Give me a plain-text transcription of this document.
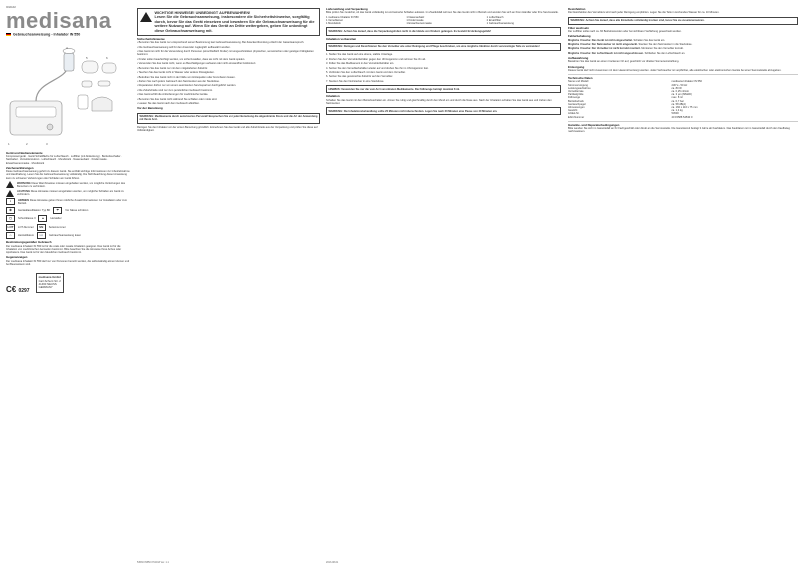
54530
medisana
Gebrauchsanweisung - Inhalator IN 550
1	2	3
4
5	6
Gerät und Bedienelemente
Kompressorgerät · Gerät Schaltfläche für Luftschlauch · Luftfilter (mit Abdeckung) · Betriebsschalter · Netzkabel · Verneblerstutzen · Luftschlauch · Mundstück · Nasenaufsatz · Kindermaske · Erwachsenenmaske · Mundstück
Zeichenerklärungen
Diese Gebrauchsanweisung gehört zu diesem Gerät. Sie enthält wichtige Informationen zur Inbetriebnahme und Handhabung. Lesen Sie die Gebrauchsanweisung vollständig. Die Nichtbeachtung dieser Anweisung kann zu schweren Verletzungen oder Schäden am Gerät führen.
WARNUNG Diese Warnhinweise müssen eingehalten werden, um mögliche Verletzungen des Benutzers zu verhindern.
ACHTUNG Diese Hinweise müssen eingehalten werden, um mögliche Schäden am Gerät zu verhindern.
i	HINWEIS Diese Hinweise geben Ihnen nützliche Zusatzinformationen zur Installation oder zum Betrieb.
✱	Geräteklassifikation: Typ BF	☂	Vor Nässe schützen
◻	Schutzklasse II	▲	Hersteller
LOT	LOT-Nummer	SN	Seriennummer
⌂	Herstelldatum	📖	Gebrauchsanweisung lesen
Bestimmungsgemäßer Gebrauch
Der medisana Inhalator IN 550 ist für die orale oder nasale Inhalation geeignet. Das Gerät ist für die Inhalation von medizinischen Aerosolen bestimmt. Bitte beachten Sie die Hinweise Ihres Arztes oder Apothekers. Das Gerät ist für den häuslichen Gebrauch bestimmt.
Gegenanzeigen
Der medisana Inhalator IN 550 darf nur von Personen benutzt werden, die selbstständig atmen können und bei Bewusstsein sind.
C€ 0297
medisana GmbH
Carl-Schurz-Str. 2
41460 NEUSS
GERMANY
WICHTIGE HINWEISE! UNBEDINGT AUFBEWAHREN!
Lesen Sie die Gebrauchsanweisung, insbesondere die Sicherheitshinweise, sorgfältig durch, bevor Sie das Gerät einsetzen und bewahren Sie die Gebrauchsanweisung für die weitere Nutzung auf. Wenn Sie das Gerät an Dritte weitergeben, geben Sie unbedingt diese Gebrauchsanweisung mit.
Sicherheitshinweise
• Benutzen Sie das Gerät nur entsprechend seiner Bestimmung laut Gebrauchsanweisung. Bei Zweckentfremdung erlischt der Garantieanspruch.
• Die Gebrauchsanweisung soll für den Anwender zugänglich aufbewahrt werden.
• Das Gerät ist nicht für die Verwendung durch Personen (einschließlich Kinder) mit eingeschränkten physischen, sensorischen oder geistigen Fähigkeiten bestimmt.
• Kinder sollen beaufsichtigt werden, um sicherzustellen, dass sie nicht mit dem Gerät spielen.
• Verwenden Sie das Gerät nicht, wenn es Beschädigungen aufweist oder nicht einwandfrei funktioniert.
• Benutzen Sie das Gerät nur mit dem mitgelieferten Zubehör.
• Tauchen Sie das Gerät nicht in Wasser oder andere Flüssigkeiten.
• Betreiben Sie das Gerät nicht in der Nähe von Hitzequellen oder brennbaren Gasen.
• Ziehen Sie nach jedem Gebrauch den Netzstecker aus der Steckdose.
• Reparaturen dürfen nur von einem autorisierten Servicepartner durchgeführt werden.
• Die Zubehörteile sind nur zum persönlichen Gebrauch bestimmt.
• Das Gerät erfüllt die Anforderungen für medizinische Geräte.
• Benutzen Sie das Gerät nicht während Sie schlafen oder müde sind.
• Lassen Sie das Gerät nach dem Gebrauch abkühlen.
Vor der Benutzung
WARNUNG: Medikamente durch autorisiertes Personal! Besprechen Sie vor jeder Benutzung die abgestimmte Dosis und die Art der Anwendung mit Ihrem Arzt.
Reinigen Sie den Inhalator vor der ersten Benutzung gründlich. Entnehmen Sie das Gerät und alle Zubehörteile aus der Verpackung und prüfen Sie diese auf Vollständigkeit.
Lieferumfang und Verpackung
Bitte prüfen Sie zunächst, ob das Gerät vollständig ist und keinerlei Schäden aufweist. Im Zweifelsfall nehmen Sie das Gerät nicht in Betrieb und wenden Sie sich an Ihren Händler oder Ihre Servicestelle.
1 medisana Inhalator IN 550
1 Verneblerset
1 Mundstück
1 Nasenaufsatz
1 Kindermaske
1 Erwachsenenmaske
1 Luftschlauch
2 Ersatzfilter
1 Gebrauchsanweisung
WARNUNG: Achten Sie darauf, dass die Verpackungsfolien nicht in die Hände von Kindern gelangen. Es besteht Erstickungsgefahr!
Inhalation vorbereiten
WARNUNG: Reinigen und Desinfizieren Sie den Vernebler wie unter Reinigung und Pflege beschrieben, um eine mögliche Infektion durch verunreinigte Teile zu vermeiden!
1. Stellen Sie das Gerät auf eine ebene, stabile Unterlage.
2. Drehen Sie den Verneblerbehälter gegen den Uhrzeigersinn und nehmen Sie ihn ab.
3. Füllen Sie das Medikament in den Verneblerbehälter ein.
4. Setzen Sie den Verneblerbehälter wieder auf und drehen Sie ihn im Uhrzeigersinn fest.
5. Verbinden Sie den Luftschlauch mit dem Gerät und dem Vernebler.
6. Setzen Sie das gewünschte Zubehör auf den Vernebler.
7. Stecken Sie den Netzstecker in eine Steckdose.
HINWEIS: Verwenden Sie nur die vom Arzt verordneten Medikamente. Die Füllmenge beträgt maximal 8 ml.
Inhalation
Schalten Sie das Gerät mit dem Betriebsschalter ein. Atmen Sie ruhig und gleichmäßig durch den Mund ein und durch die Nase aus. Nach der Inhalation schalten Sie das Gerät aus und ziehen den Netzstecker.
WARNUNG: Die Inhalationsbehandlung sollte 20 Minuten nicht überschreiten. Legen Sie nach 20 Minuten eine Pause von 40 Minuten ein.
Desinfektion
Die Desinfektion des Verneblers wird nach jeder Reinigung empfohlen. Legen Sie die Teile in kochendes Wasser für ca. 10 Minuten.
WARNUNG: Achten Sie darauf, dass alle Einzelteile vollständig trocken sind, bevor Sie sie zusammensetzen.
Filter wechseln
Der Luftfilter sollte nach ca. 60 Betriebsstunden oder bei sichtbarer Verfärbung gewechselt werden.
Fehlerbehebung
Mögliche Ursache: Das Gerät ist nicht eingeschaltet. Schalten Sie das Gerät ein.
Mögliche Ursache: Der Netzstecker ist nicht eingesteckt. Stecken Sie den Netzstecker in die Steckdose.
Mögliche Ursache: Der Vernebler ist nicht korrekt montiert. Montieren Sie den Vernebler korrekt.
Mögliche Ursache: Der Luftschlauch ist nicht angeschlossen. Schließen Sie den Luftschlauch an.
Aufbewahrung
Bewahren Sie das Gerät an einem trockenen Ort auf, geschützt vor direkter Sonneneinstrahlung.
Entsorgung
Dieses Gerät darf nicht zusammen mit dem Hausmüll entsorgt werden. Jeder Verbraucher ist verpflichtet, alle elektrischen oder elektronischen Geräte bei einer Sammelstelle abzugeben.
Technische Daten
Name und Modell	medisana Inhalator IN 550
Stromversorgung	230 V~ 50 Hz
Leistungsaufnahme	ca. 80 W
Verneblerrate	ca. 0,25 ml/min
Partikelgröße	ca. 3 µm (MMAD)
Füllmenge	max. 8 ml
Betriebsdruck	ca. 0,7 bar
Geräuschpegel	ca. 58 dB(A)
Abmessungen	ca. 160 x 116 x 75 mm
Gewicht	ca. 1,4 kg
Artikel-Nr.	54530
EAN-Nummer	40 15588 54530 0
Garantie- und Reparaturbedingungen
Bitte wenden Sie sich im Garantiefall an Ihr Fachgeschäft oder direkt an die Servicestelle. Die Garantiezeit beträgt 3 Jahre ab Kaufdatum. Das Kaufdatum ist im Garantiefall durch den Kaufbeleg nachzuweisen.
54530 IN550 07/2013 Ver. 1.1	2013-08-01
